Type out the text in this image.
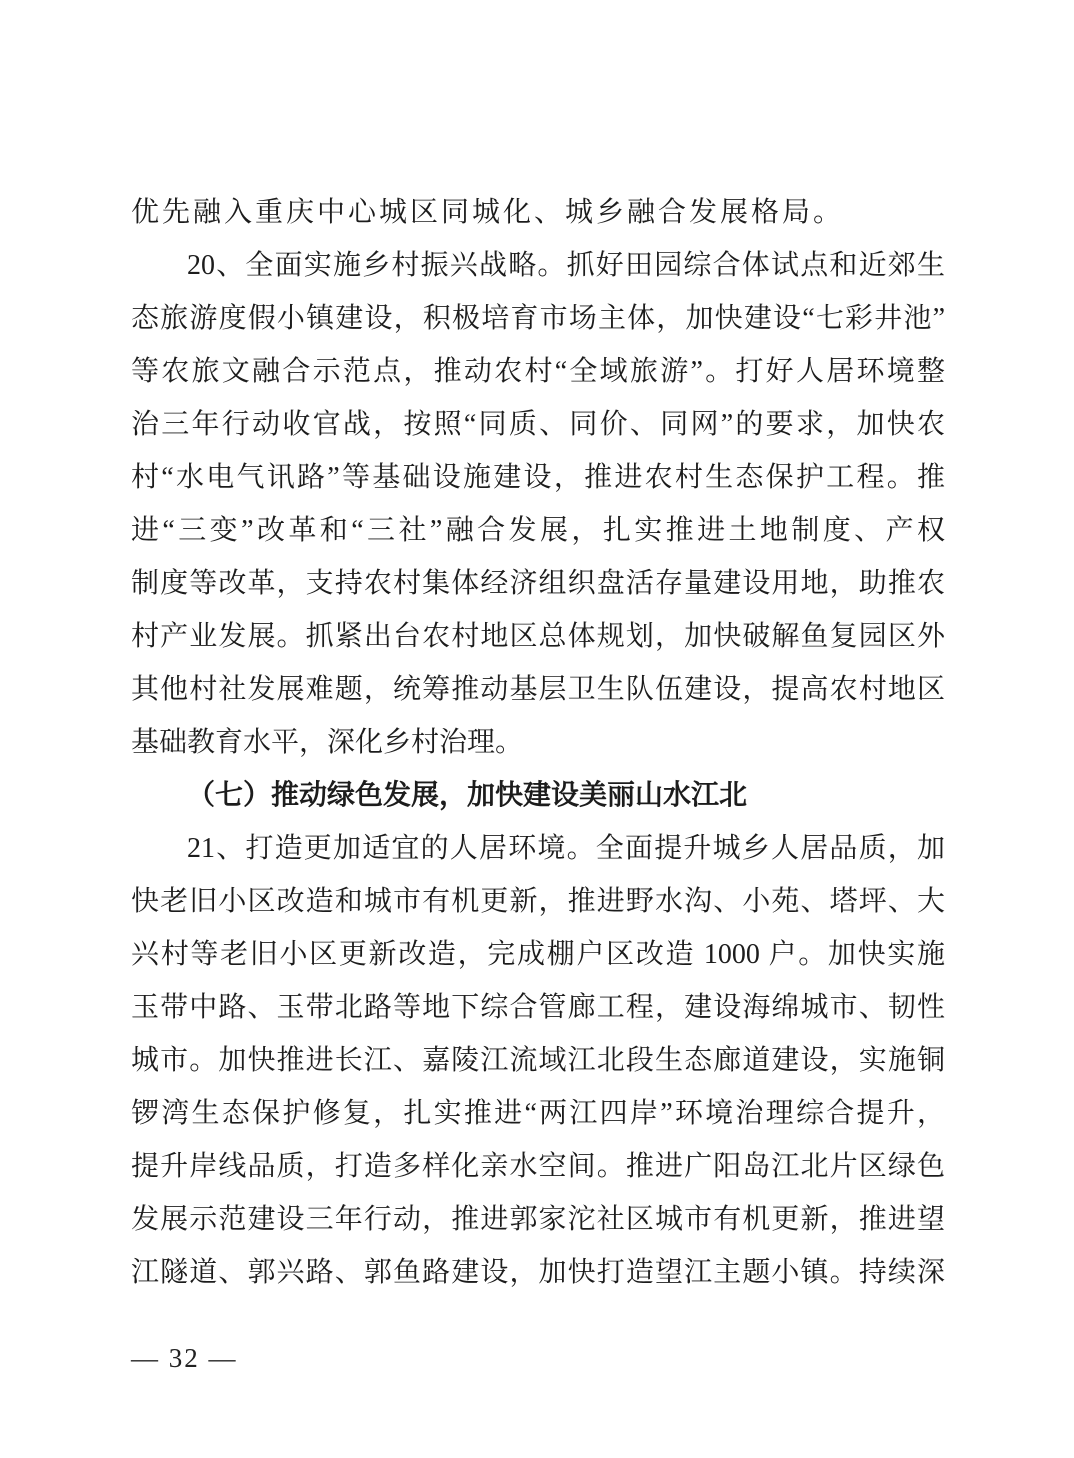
优先融入重庆中心城区同城化、城乡融合发展格局。
20、全面实施乡村振兴战略。抓好田园综合体试点和近郊生
态旅游度假小镇建设，积极培育市场主体，加快建设“七彩井池”
等农旅文融合示范点，推动农村“全域旅游”。打好人居环境整
治三年行动收官战，按照“同质、同价、同网”的要求，加快农
村“水电气讯路”等基础设施建设，推进农村生态保护工程。推
进“三变”改革和“三社”融合发展，扎实推进土地制度、产权
制度等改革，支持农村集体经济组织盘活存量建设用地，助推农
村产业发展。抓紧出台农村地区总体规划，加快破解鱼复园区外
其他村社发展难题，统筹推动基层卫生队伍建设，提高农村地区
基础教育水平，深化乡村治理。
（七）推动绿色发展，加快建设美丽山水江北
21、打造更加适宜的人居环境。全面提升城乡人居品质，加
快老旧小区改造和城市有机更新，推进野水沟、小苑、塔坪、大
兴村等老旧小区更新改造，完成棚户区改造 1000 户。加快实施
玉带中路、玉带北路等地下综合管廊工程，建设海绵城市、韧性
城市。加快推进长江、嘉陵江流域江北段生态廊道建设，实施铜
锣湾生态保护修复，扎实推进“两江四岸”环境治理综合提升，
提升岸线品质，打造多样化亲水空间。推进广阳岛江北片区绿色
发展示范建设三年行动，推进郭家沱社区城市有机更新，推进望
江隧道、郭兴路、郭鱼路建设，加快打造望江主题小镇。持续深
— 32 —
